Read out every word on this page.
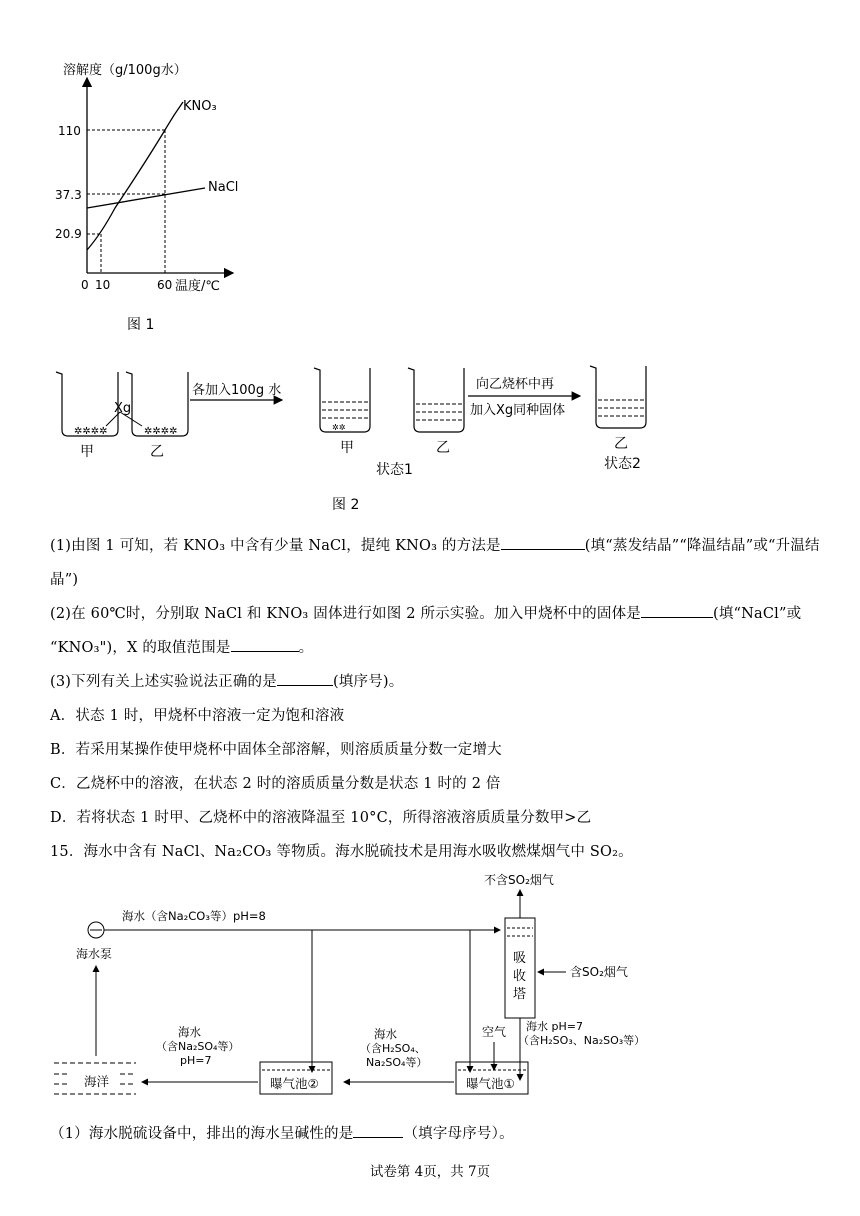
溶解度（g/100g水）
温度/℃
0 10	60
110
37.3
20.9
KNO₃
NaCl
图 1
✲✲✲✲
甲
✲✲✲✲
乙
Xg
各加入100g 水
✲✲
甲	乙
状态1
向乙烧杯中再
加入Xg同种固体
乙
状态2
图 2
(1)由图 1 可知，若 KNO₃ 中含有少量 NaCl，提纯 KNO₃ 的方法是	(填“蒸发结晶”“降温结晶”或“升温结
晶”)
(2)在 60℃时，分别取 NaCl 和 KNO₃ 固体进行如图 2 所示实验。加入甲烧杯中的固体是	(填“NaCl”或
“KNO₃")，X 的取值范围是	。
(3)下列有关上述实验说法正确的是	(填序号)。
A．状态 1 时，甲烧杯中溶液一定为饱和溶液
B．若采用某操作使甲烧杯中固体全部溶解，则溶质质量分数一定增大
C．乙烧杯中的溶液，在状态 2 时的溶质质量分数是状态 1 时的 2 倍
D．若将状态 1 时甲、乙烧杯中的溶液降温至 10°C，所得溶液溶质质量分数甲>乙
15．海水中含有 NaCl、Na₂CO₃ 等物质。海水脱硫技术是用海水吸收燃煤烟气中 SO₂。
海水泵
海水（含Na₂CO₃等）pH=8
吸
收
塔
不含SO₂烟气
含SO₂烟气
海水 pH=7
（含H₂SO₃、Na₂SO₃等）
空气
曝气池①
海水
（含H₂SO₄、
Na₂SO₄等）
曝气池②
海水
（含Na₂SO₄等）
pH=7
海洋
（1）海水脱硫设备中，排出的海水呈碱性的是	（填字母序号）。
试卷第 4页，共 7页
